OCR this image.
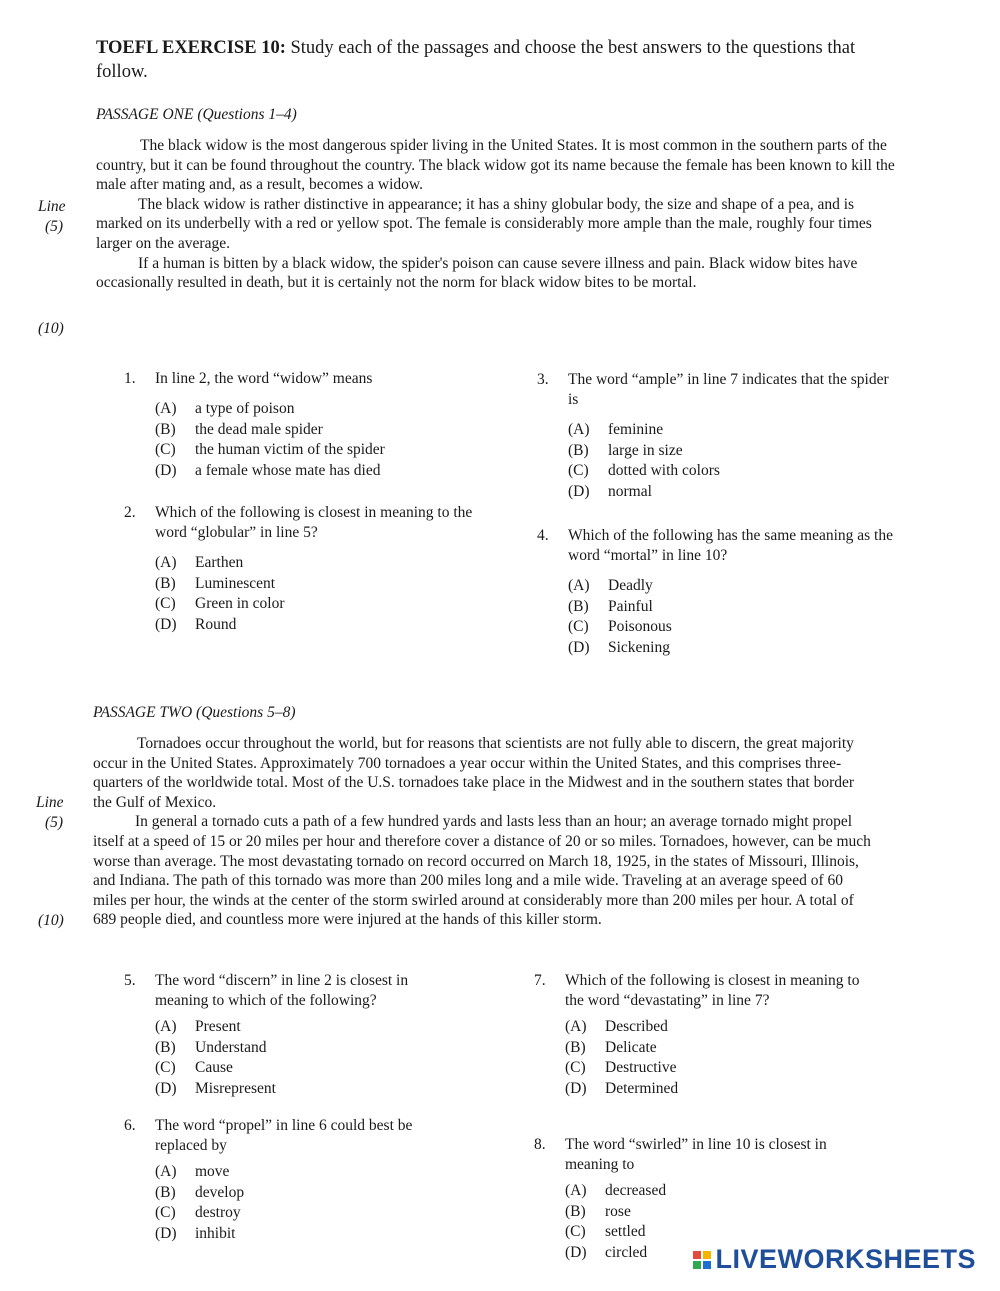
TOEFL EXERCISE 10: Study each of the passages and choose the best answers to the questions that follow.
PASSAGE ONE (Questions 1–4)

The black widow is the most dangerous spider living in the United States. It is most common in the southern parts of the country, but it can be found throughout the country. The black widow got its name because the female has been known to kill the male after mating and, as a result, becomes a widow.

The black widow is rather distinctive in appearance; it has a shiny globular body, the size and shape of a pea, and is marked on its underbelly with a red or yellow spot. The female is considerably more ample than the male, roughly four times larger on the average.

If a human is bitten by a black widow, the spider's poison can cause severe illness and pain. Black widow bites have occasionally resulted in death, but it is certainly not the norm for black widow bites to be mortal.

Line
(5)
(10)
1.	In line 2, the word “widow” means
(A)	a type of poison
(B)	the dead male spider
(C)	the human victim of the spider
(D)	a female whose mate has died
2.	Which of the following is closest in meaning to the word “globular” in line 5?
(A)	Earthen
(B)	Luminescent
(C)	Green in color
(D)	Round
3.	The word “ample” in line 7 indicates that the spider is
(A)	feminine
(B)	large in size
(C)	dotted with colors
(D)	normal
4.	Which of the following has the same meaning as the word “mortal” in line 10?
(A)	Deadly
(B)	Painful
(C)	Poisonous
(D)	Sickening
PASSAGE TWO (Questions 5–8)

Tornadoes occur throughout the world, but for reasons that scientists are not fully able to discern, the great majority occur in the United States. Approximately 700 tornadoes a year occur within the United States, and this comprises three-quarters of the worldwide total. Most of the U.S. tornadoes take place in the Midwest and in the southern states that border the Gulf of Mexico.

In general a tornado cuts a path of a few hundred yards and lasts less than an hour; an average tornado might propel itself at a speed of 15 or 20 miles per hour and therefore cover a distance of 20 or so miles. Tornadoes, however, can be much worse than average. The most devastating tornado on record occurred on March 18, 1925, in the states of Missouri, Illinois, and Indiana. The path of this tornado was more than 200 miles long and a mile wide. Traveling at an average speed of 60 miles per hour, the winds at the center of the storm swirled around at considerably more than 200 miles per hour. A total of 689 people died, and countless more were injured at the hands of this killer storm.

Line
(5)
(10)
5.	The word “discern” in line 2 is closest in meaning to which of the following?
(A)	Present
(B)	Understand
(C)	Cause
(D)	Misrepresent
6.	The word “propel” in line 6 could best be replaced by
(A)	move
(B)	develop
(C)	destroy
(D)	inhibit
7.	Which of the following is closest in meaning to the word “devastating” in line 7?
(A)	Described
(B)	Delicate
(C)	Destructive
(D)	Determined
8.	The word “swirled” in line 10 is closest in meaning to
(A)	decreased
(B)	rose
(C)	settled
(D)	circled	LIVEWORKSHEETS
